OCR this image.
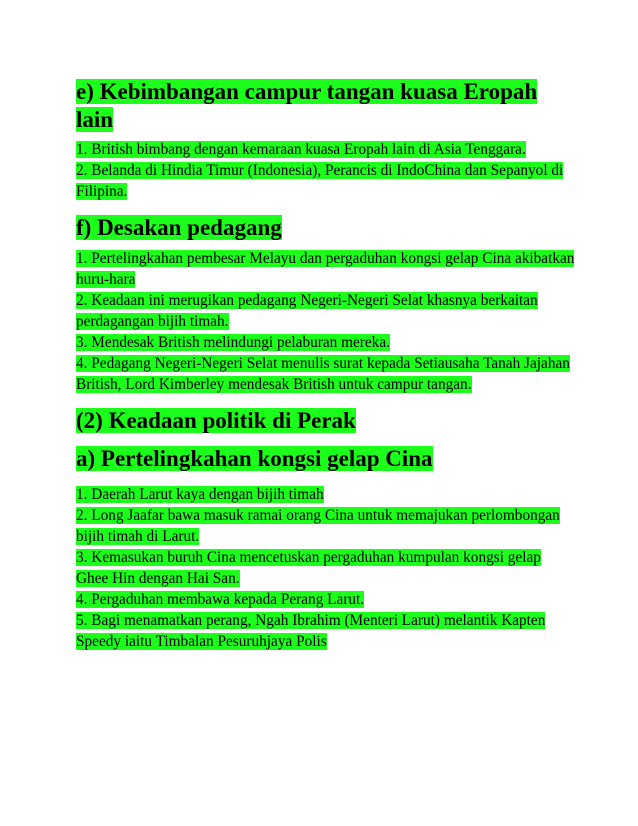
e) Kebimbangan campur tangan kuasa Eropah lain

1. British bimbang dengan kemaraan kuasa Eropah lain di Asia Tenggara.
2. Belanda di Hindia Timur (Indonesia), Perancis di IndoChina dan Sepanyol di Filipina.

f) Desakan pedagang

1. Pertelingkahan pembesar Melayu dan pergaduhan kongsi gelap Cina akibatkan huru-hara
2. Keadaan ini merugikan pedagang Negeri-Negeri Selat khasnya berkaitan perdagangan bijih timah.
3. Mendesak British melindungi pelaburan mereka.
4. Pedagang Negeri-Negeri Selat menulis surat kepada Setiausaha Tanah Jajahan British, Lord Kimberley mendesak British untuk campur tangan.

(2) Keadaan politik di Perak

a) Pertelingkahan kongsi gelap Cina

1. Daerah Larut kaya dengan bijih timah
2. Long Jaafar bawa masuk ramai orang Cina untuk memajukan perlombongan bijih timah di Larut.
3. Kemasukan buruh Cina mencetuskan pergaduhan kumpulan kongsi gelap Ghee Hin dengan Hai San.
4. Pergaduhan membawa kepada Perang Larut.
5. Bagi menamatkan perang, Ngah Ibrahim (Menteri Larut) melantik Kapten Speedy iaitu Timbalan Pesuruhjaya Polis
